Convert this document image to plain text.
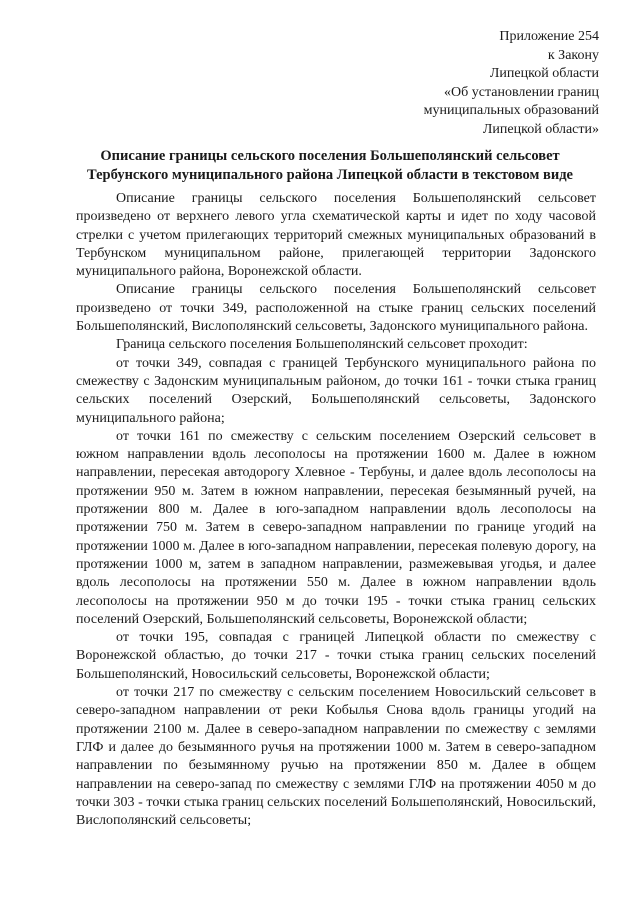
Приложение 254
к Закону
Липецкой области
«Об установлении границ
муниципальных образований
Липецкой области»
Описание границы сельского поселения Большеполянский сельсовет
Тербунского муниципального района Липецкой области в текстовом виде

Описание границы сельского поселения Большеполянский сельсовет произведено от верхнего левого угла схематической карты и идет по ходу часовой стрелки с учетом прилегающих территорий смежных муниципальных образований в Тербунском муниципальном районе, прилегающей территории Задонского муниципального района, Воронежской области.

Описание границы сельского поселения Большеполянский сельсовет произведено от точки 349, расположенной на стыке границ сельских поселений Большеполянский, Вислополянский сельсоветы, Задонского муниципального района.

Граница сельского поселения Большеполянский сельсовет проходит:

от точки 349, совпадая с границей Тербунского муниципального района по смежеству с Задонским муниципальным районом, до точки 161 - точки стыка границ сельских поселений Озерский, Большеполянский сельсоветы, Задонского муниципального района;

от точки 161 по смежеству с сельским поселением Озерский сельсовет в южном направлении вдоль лесополосы на протяжении 1600 м. Далее в южном направлении, пересекая автодорогу Хлевное - Тербуны, и далее вдоль лесополосы на протяжении 950 м. Затем в южном направлении, пересекая безымянный ручей, на протяжении 800 м. Далее в юго-западном направлении вдоль лесополосы на протяжении 750 м. Затем в северо-западном направлении по границе угодий на протяжении 1000 м. Далее в юго-западном направлении, пересекая полевую дорогу, на протяжении 1000 м, затем в западном направлении, размежевывая угодья, и далее вдоль лесополосы на протяжении 550 м. Далее в южном направлении вдоль лесополосы на протяжении 950 м до точки 195 - точки стыка границ сельских поселений Озерский, Большеполянский сельсоветы, Воронежской области;

от точки 195, совпадая с границей Липецкой области по смежеству с Воронежской областью, до точки 217 - точки стыка границ сельских поселений Большеполянский, Новосильский сельсоветы, Воронежской области;

от точки 217 по смежеству с сельским поселением Новосильский сельсовет в северо-западном направлении от реки Кобылья Снова вдоль границы угодий на протяжении 2100 м. Далее в северо-западном направлении по смежеству с землями ГЛФ и далее до безымянного ручья на протяжении 1000 м. Затем в северо-западном направлении по безымянному ручью на протяжении 850 м. Далее в общем направлении на северо-запад по смежеству с землями ГЛФ на протяжении 4050 м до точки 303 - точки стыка границ сельских поселений Большеполянский, Новосильский, Вислополянский сельсоветы;
